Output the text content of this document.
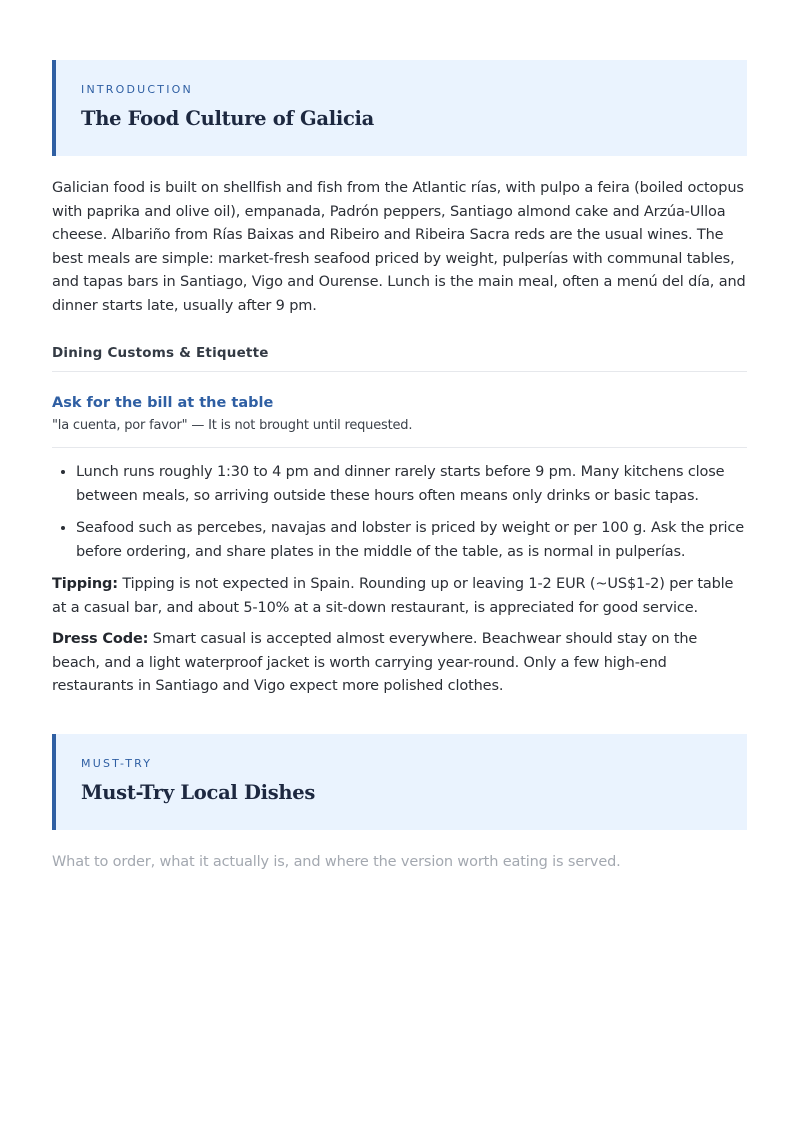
INTRODUCTION
The Food Culture of Galicia

Galician food is built on shellfish and fish from the Atlantic rías, with pulpo a feira (boiled octopus with paprika and olive oil), empanada, Padrón peppers, Santiago almond cake and Arzúa-Ulloa cheese. Albariño from Rías Baixas and Ribeiro and Ribeira Sacra reds are the usual wines. The best meals are simple: market-fresh seafood priced by weight, pulperías with communal tables, and tapas bars in Santiago, Vigo and Ourense. Lunch is the main meal, often a menú del día, and dinner starts late, usually after 9 pm.

Dining Customs & Etiquette
Ask for the bill at the table
"la cuenta, por favor" — It is not brought until requested.
• Lunch runs roughly 1:30 to 4 pm and dinner rarely starts before 9 pm. Many kitchens close between meals, so arriving outside these hours often means only drinks or basic tapas.
• Seafood such as percebes, navajas and lobster is priced by weight or per 100 g. Ask the price before ordering, and share plates in the middle of the table, as is normal in pulperías.
Tipping: Tipping is not expected in Spain. Rounding up or leaving 1-2 EUR (~US$1-2) per table at a casual bar, and about 5-10% at a sit-down restaurant, is appreciated for good service.
Dress Code: Smart casual is accepted almost everywhere. Beachwear should stay on the beach, and a light waterproof jacket is worth carrying year-round. Only a few high-end restaurants in Santiago and Vigo expect more polished clothes.
MUST-TRY
Must-Try Local Dishes
What to order, what it actually is, and where the version worth eating is served.
